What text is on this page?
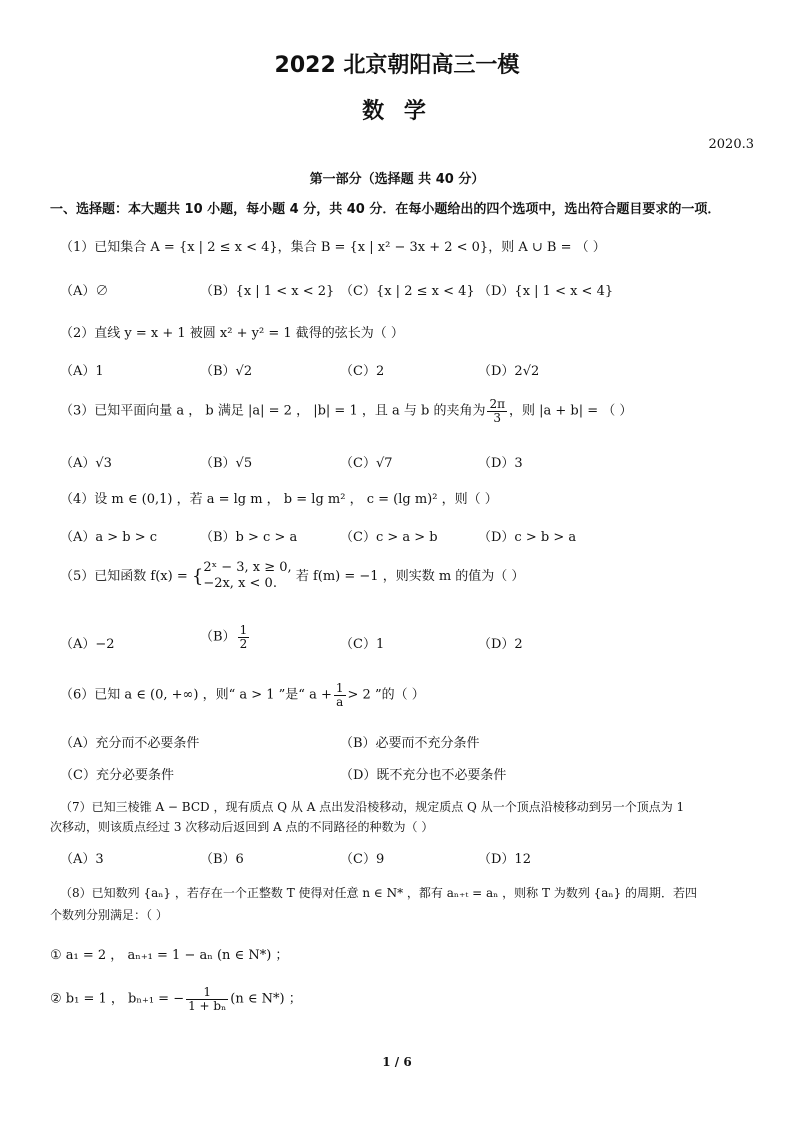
2022 北京朝阳高三一模
数 学
2020.3
第一部分（选择题 共 40 分）
一、选择题：本大题共 10 小题，每小题 4 分，共 40 分．在每小题给出的四个选项中，选出符合题目要求的一项．
（1）已知集合 A = {x | 2 ≤ x < 4}，集合 B = {x | x² − 3x + 2 < 0}，则 A ∪ B = （ ）
（A）∅	（B）{x | 1 < x < 2} （C）{x | 2 ≤ x < 4} （D）{x | 1 < x < 4}
（2）直线 y = x + 1 被圆 x² + y² = 1 截得的弦长为（ ）
（A）1	（B）√2	（C）2	（D）2√2
（3）已知平面向量 a ， b 满足 |a| = 2 ， |b| = 1 ，且 a 与 b 的夹角为 $\frac{2\pi}{3}$ ，则 |a + b| = （ ）
（A）√3	（B）√5	（C）√7	（D）3
（4）设 m ∈ (0,1) ，若 a = lg m ， b = lg m² ， c = (lg m)² ，则（ ）
（A）a > b > c	（B）b > c > a	（C）c > a > b	（D）c > b > a
（5）已知函数 f(x) = { 2ˣ − 3, x ≥ 0,
−2x, x < 0.	若 f(m) = −1 ，则实数 m 的值为（ ）
（A）−2	$(B) \frac{1}{2}$	（C）1	（D）2
（6）已知 a ∈ (0, +∞) ，则“ a > 1 ”是“ $a + \frac{1}{a} > 2$ ”的（ ）
（A）充分而不必要条件	（B）必要而不充分条件
（C）充分必要条件	（D）既不充分也不必要条件
（7）已知三棱锥 A − BCD ，现有质点 Q 从 A 点出发沿棱移动，规定质点 Q 从一个顶点沿棱移动到另一个顶点为 1
次移动，则该质点经过 3 次移动后返回到 A 点的不同路径的种数为（ ）
（A）3	（B）6	（C）9	（D）12
（8）已知数列 {aₙ} ，若存在一个正整数 T 使得对任意 n ∈ N* ，都有 aₙ₊ₜ = aₙ ，则称 T 为数列 {aₙ} 的周期．若四
个数列分别满足：（ ）
① a₁ = 2 ， aₙ₊₁ = 1 − aₙ (n ∈ N*) ；
② b₁ = 1 ， bₙ₊₁ = − $\frac{1}{\text{1 + bₙ}} (n$ ∈ N*) ；
1 / 6
